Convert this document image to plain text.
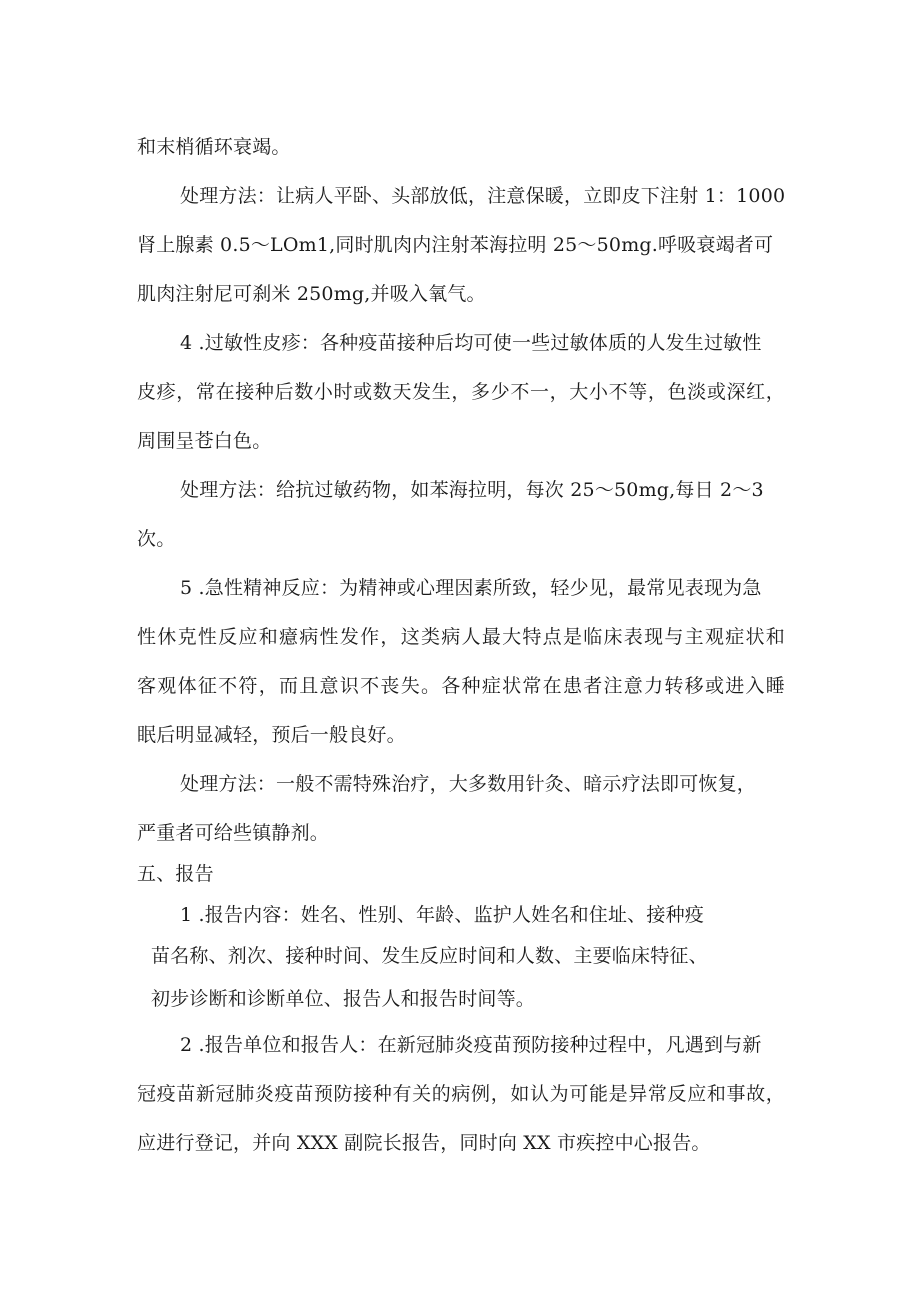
和末梢循环衰竭。
处理方法：让病人平卧、头部放低，注意保暖，立即皮下注射 1：1000
肾上腺素 0.5～LOm1,同时肌肉内注射苯海拉明 25～50mg.呼吸衰竭者可
肌肉注射尼可刹米 250mg,并吸入氧气。
4 .过敏性皮疹：各种疫苗接种后均可使一些过敏体质的人发生过敏性
皮疹，常在接种后数小时或数天发生，多少不一，大小不等，色淡或深红，
周围呈苍白色。
处理方法：给抗过敏药物，如苯海拉明，每次 25～50mg,每日 2～3
次。
5 .急性精神反应：为精神或心理因素所致，轻少见，最常见表现为急
性休克性反应和癔病性发作，这类病人最大特点是临床表现与主观症状和
客观体征不符，而且意识不丧失。各种症状常在患者注意力转移或进入睡
眠后明显减轻，预后一般良好。
处理方法：一般不需特殊治疗，大多数用针灸、暗示疗法即可恢复，
严重者可给些镇静剂。
五、报告
1 .报告内容：姓名、性别、年龄、监护人姓名和住址、接种疫
苗名称、剂次、接种时间、发生反应时间和人数、主要临床特征、
初步诊断和诊断单位、报告人和报告时间等。
2 .报告单位和报告人：在新冠肺炎疫苗预防接种过程中，凡遇到与新
冠疫苗新冠肺炎疫苗预防接种有关的病例，如认为可能是异常反应和事故，
应进行登记，并向 XXX 副院长报告，同时向 XX 市疾控中心报告。
